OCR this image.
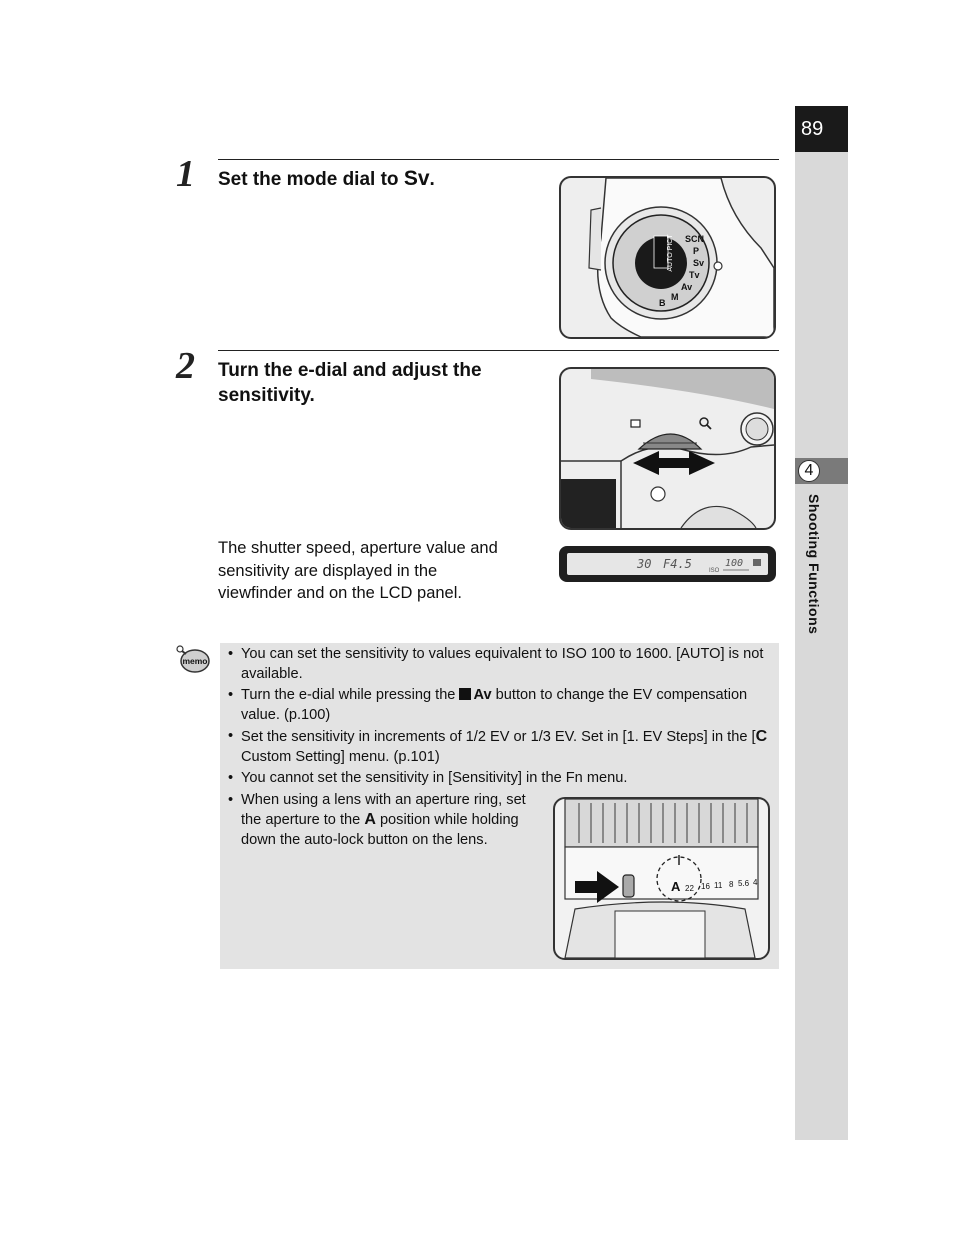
89
4
Shooting Functions
1 Set the mode dial to Sv.
AUTO PICT SCN
P
Sv
Tv
Av
M
B
2 Turn the e-dial and adjust the
sensitivity.
The shutter speed, aperture value and
sensitivity are displayed in the
viewfinder and on the LCD panel.
30 F4.5	ISO
100
memo
•	You can set the sensitivity to values equivalent to ISO 100 to 1600. [AUTO] is not available.
• Turn the e-dial while pressing the Av button to change the EV compensation value. (p.100)
• Set the sensitivity in increments of 1/2 EV or 1/3 EV. Set in [1. EV Steps] in the [C Custom Setting] menu. (p.101)
• You cannot set the sensitivity in [Sensitivity] in the Fn menu.
• When using a lens with an aperture ring, set the aperture to the A position while holding down the auto-lock button on the lens.
A 22 16 11 8 5.6 4
